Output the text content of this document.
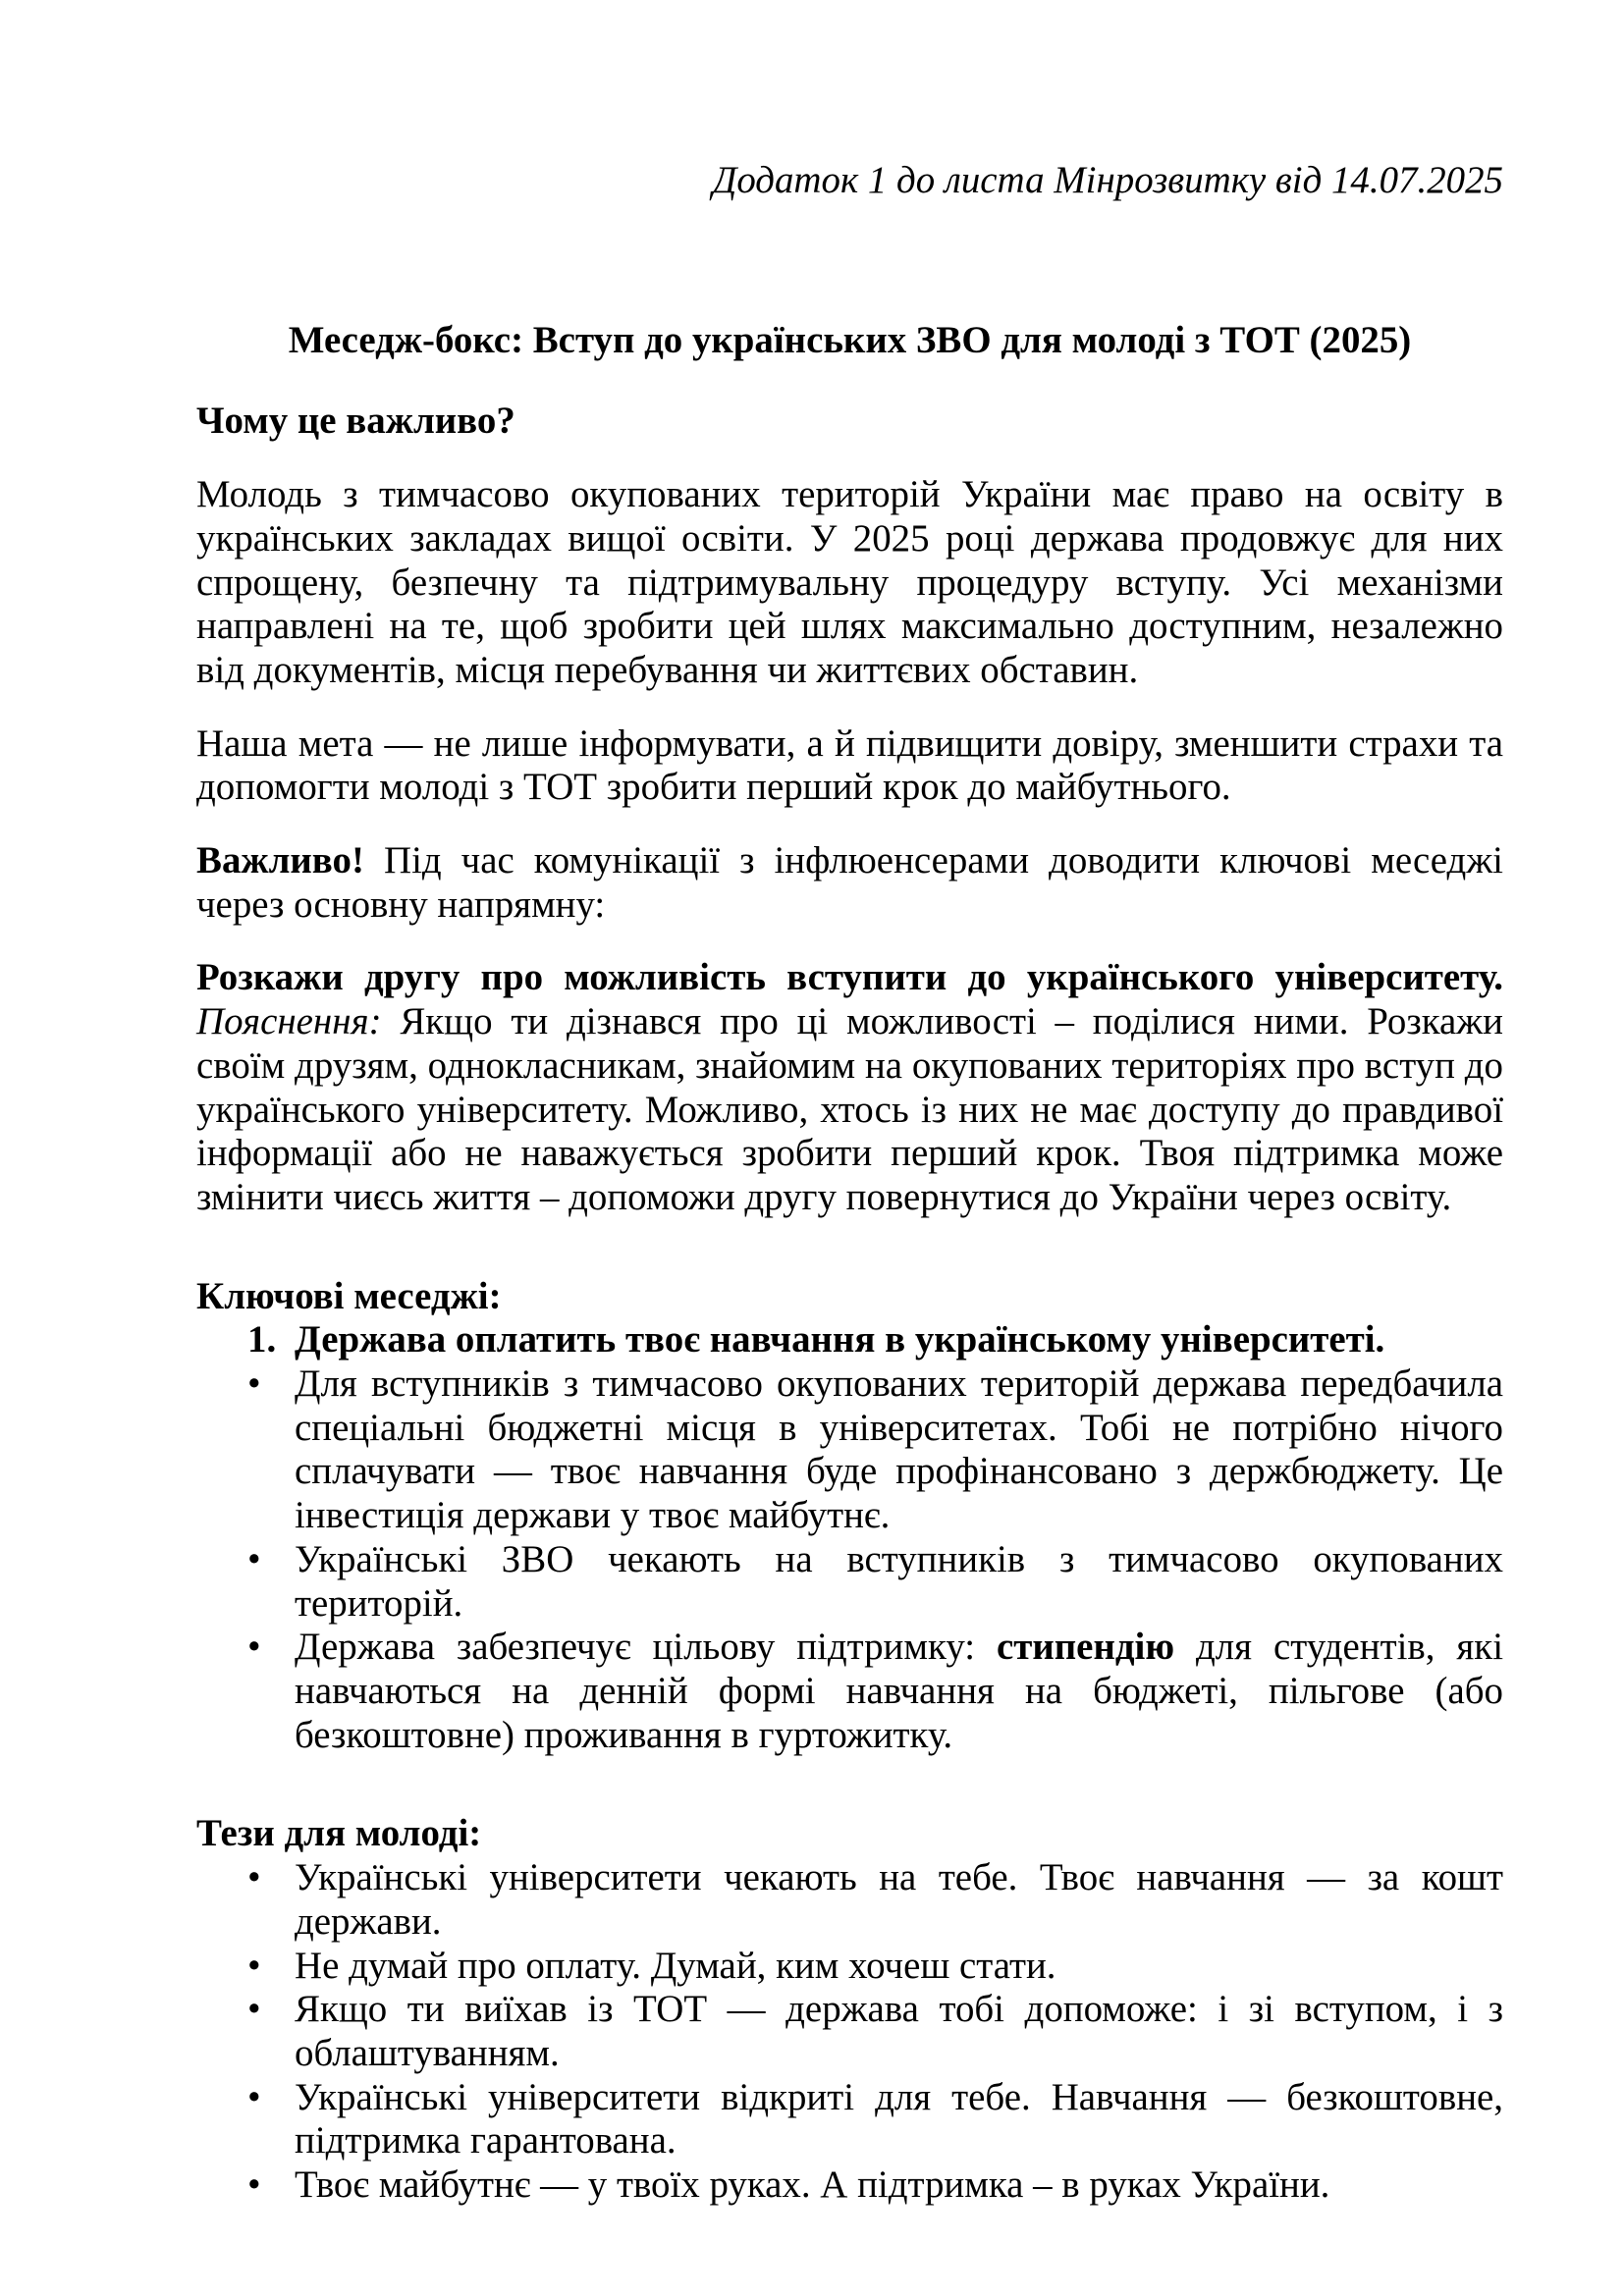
Додаток 1 до листа Мінрозвитку від 14.07.2025
Меседж-бокс: Вступ до українських ЗВО для молоді з ТОТ (2025)
Чому це важливо?

Молодь з тимчасово окупованих територій України має право на освіту в українських закладах вищої освіти. У 2025 році держава продовжує для них спрощену, безпечну та підтримувальну процедуру вступу. Усі механізми направлені на те, щоб зробити цей шлях максимально доступним, незалежно від документів, місця перебування чи життєвих обставин.

Наша мета — не лише інформувати, а й підвищити довіру, зменшити страхи та допомогти молоді з ТОТ зробити перший крок до майбутнього.

Важливо! Під час комунікації з інфлюенсерами доводити ключові меседжі через основну напрямну:

Розкажи другу про можливість вступити до українського університету. Пояснення: Якщо ти дізнався про ці можливості – поділися ними. Розкажи своїм друзям, однокласникам, знайомим на окупованих територіях про вступ до українського університету. Можливо, хтось із них не має доступу до правдивої інформації або не наважується зробити перший крок. Твоя підтримка може змінити чиєсь життя – допоможи другу повернутися до України через освіту.

Ключові меседжі:
1. Держава оплатить твоє навчання в українському університеті.
• Для вступників з тимчасово окупованих територій держава передбачила спеціальні бюджетні місця в університетах. Тобі не потрібно нічого сплачувати — твоє навчання буде профінансовано з держбюджету. Це інвестиція держави у твоє майбутнє.
• Українські ЗВО чекають на вступників з тимчасово окупованих територій.
• Держава забезпечує цільову підтримку: стипендію для студентів, які навчаються на денній формі навчання на бюджеті, пільгове (або безкоштовне) проживання в гуртожитку.
Тези для молоді:
• Українські університети чекають на тебе. Твоє навчання — за кошт держави.
• Не думай про оплату. Думай, ким хочеш стати.
• Якщо ти виїхав із ТОТ — держава тобі допоможе: і зі вступом, і з облаштуванням.
• Українські університети відкриті для тебе. Навчання — безкоштовне, підтримка гарантована.
• Твоє майбутнє — у твоїх руках. А підтримка – в руках України.
